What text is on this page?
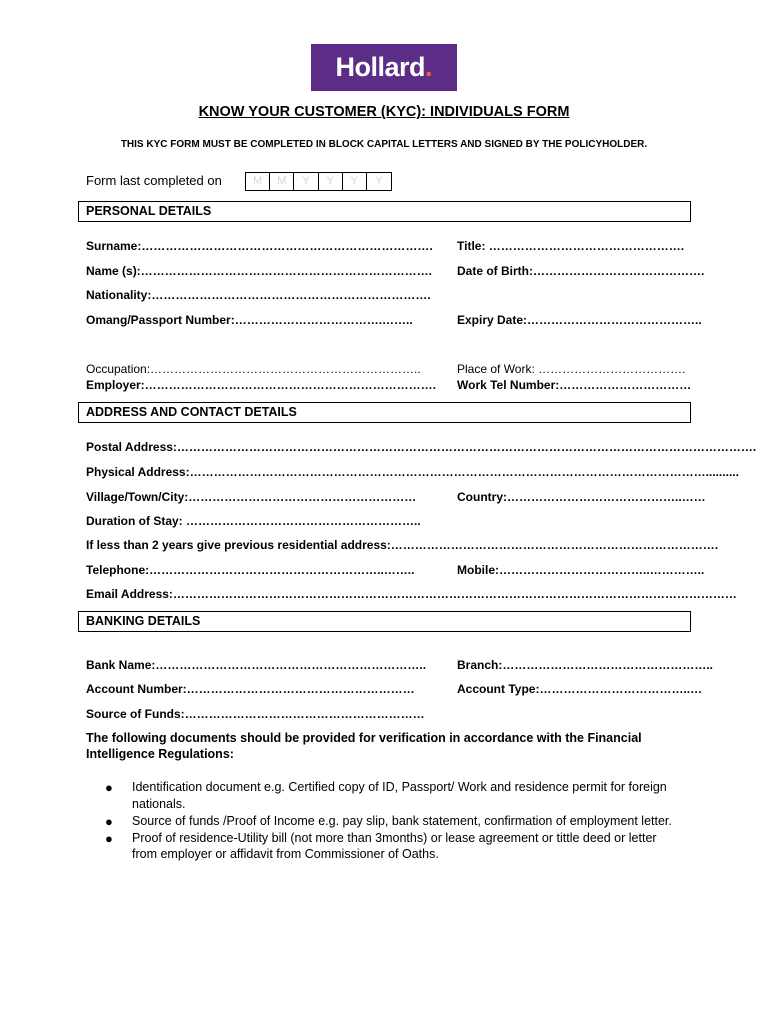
Hollard .
KNOW YOUR CUSTOMER (KYC): INDIVIDUALS FORM
THIS KYC FORM MUST BE COMPLETED IN BLOCK CAPITAL LETTERS AND SIGNED BY THE POLICYHOLDER.
Form last completed on	M	M	Y	Y	Y	Y
PERSONAL DETAILS
Surname:………………………………………………………………. Title: ………………………………………….
Name (s):………………………………………………………………. Date of Birth:…………………………………….
Nationality:…………………………………………………………….
Omang/Passport Number:……………………………….……..	Expiry Date:……………………………………..
Occupation:…………………………………………………………..	Place of Work: ……………………………….
Employer:………………………………………………………………. Work Tel Number:……………………………
ADDRESS AND CONTACT DETAILS
Postal Address:……………………………………………………………………………………………………………………………….
Physical Address:…………………………………………………………………………………………………………………..........
Village/Town/City:…………………………………………………	Country:……………………………………..……
Duration of Stay: …………………………………………………..
If less than 2 years give previous residential address:……………………………………………………………………….
Telephone:…………………………………………………..……..	Mobile:………………………………..…………..
Email Address:……………………………………………………………………………………………………………………………
BANKING DETAILS
Bank Name:…………………………………………………………..	Branch:……………………………………………..
Account Number:…………………………………………………	Account Type:………………………………..…
Source of Funds:……………………………………………………
The following documents should be provided for verification in accordance with the Financial Intelligence Regulations:
● Identification document e.g. Certified copy of ID, Passport/ Work and residence permit for foreign nationals.
● Source of funds /Proof of Income e.g. pay slip, bank statement, confirmation of employment letter.
● Proof of residence-Utility bill (not more than 3months) or lease agreement or tittle deed or letter from employer or affidavit from Commissioner of Oaths.
